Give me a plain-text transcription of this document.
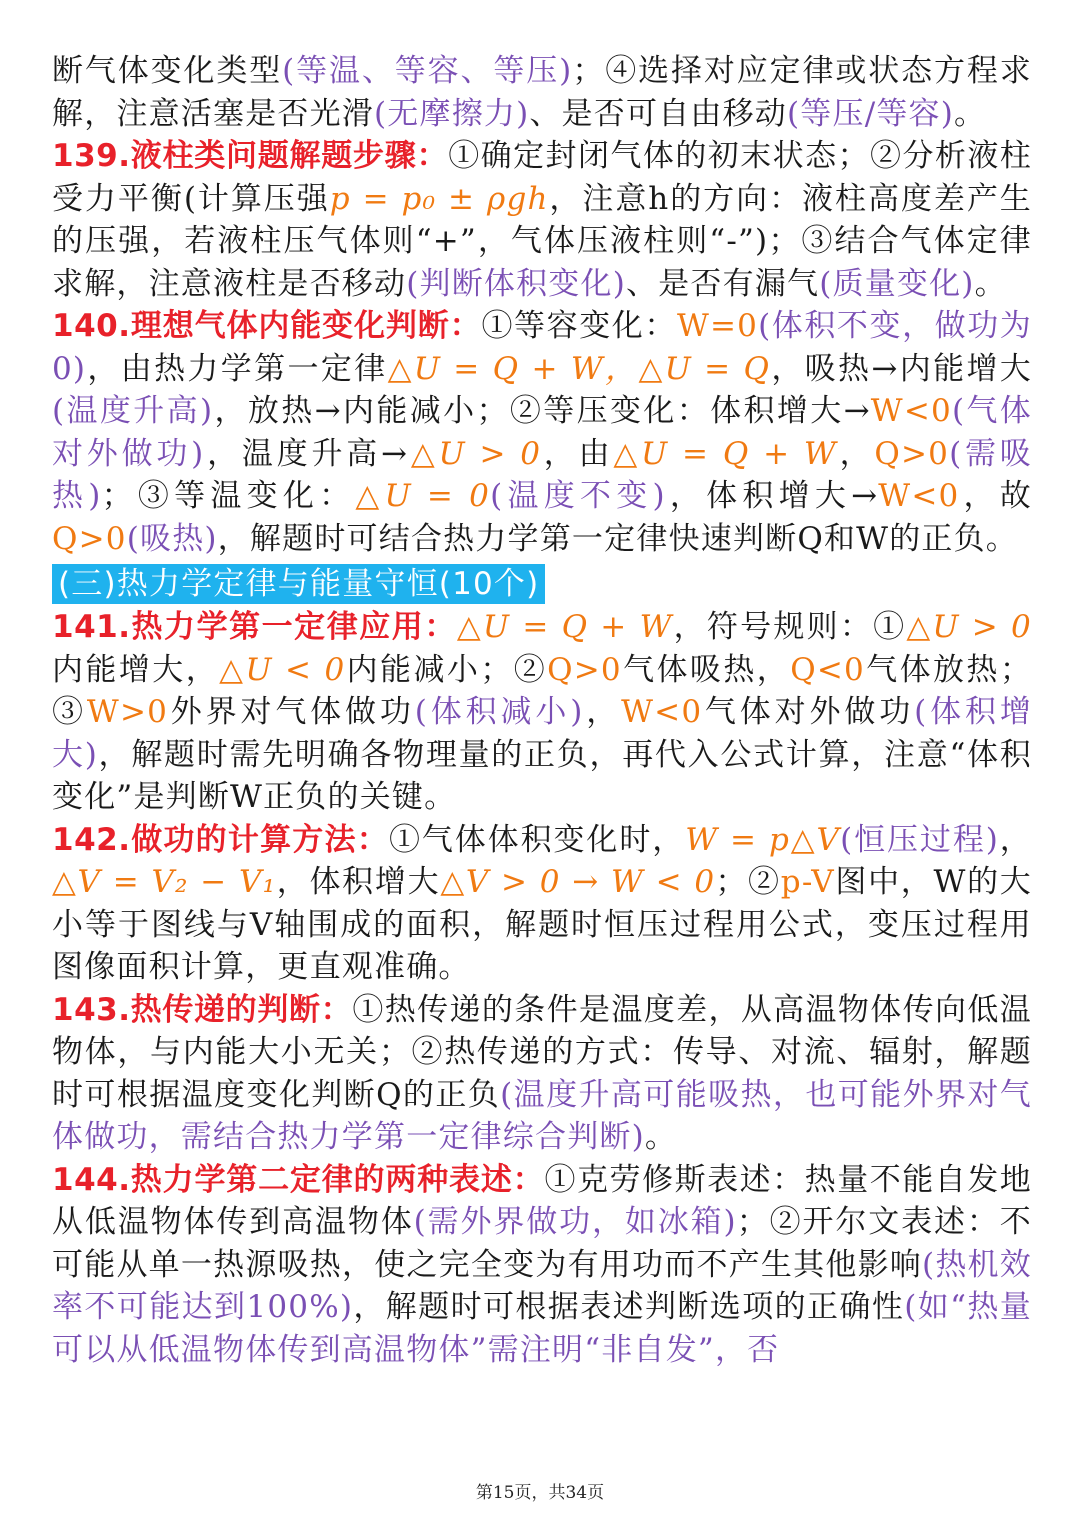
断气体变化类型(等温、等容、等压)；④选择对应定律或状态方程求解，注意活塞是否光滑(无摩擦力)、是否可自由移动(等压/等容)。

139.液柱类问题解题步骤：①确定封闭气体的初末状态；②分析液柱受力平衡(计算压强p = p₀ ± ρgh，注意h的方向：液柱高度差产生的压强，若液柱压气体则“+”，气体压液柱则“-”)；③结合气体定律求解，注意液柱是否移动(判断体积变化)、是否有漏气(质量变化)。

140.理想气体内能变化判断：①等容变化：W=0(体积不变，做功为0)，由热力学第一定律△U = Q + W，△U = Q，吸热→内能增大(温度升高)，放热→内能减小；②等压变化：体积增大→W<0(气体对外做功)，温度升高→△U > 0，由△U = Q + W，Q>0(需吸热)；③等温变化：△U = 0(温度不变)，体积增大→W<0，故Q>0(吸热)，解题时可结合热力学第一定律快速判断Q和W的正负。

(三)热力学定律与能量守恒(10个)

141.热力学第一定律应用：△U = Q + W，符号规则：①△U > 0内能增大，△U < 0内能减小；②Q>0气体吸热，Q<0气体放热；③W>0外界对气体做功(体积减小)，W<0气体对外做功(体积增大)，解题时需先明确各物理量的正负，再代入公式计算，注意“体积变化”是判断W正负的关键。

142.做功的计算方法：①气体体积变化时，W = p△V(恒压过程)，△V = V₂ − V₁，体积增大△V > 0 → W < 0；②p-V图中，W的大小等于图线与V轴围成的面积，解题时恒压过程用公式，变压过程用图像面积计算，更直观准确。

143.热传递的判断：①热传递的条件是温度差，从高温物体传向低温物体，与内能大小无关；②热传递的方式：传导、对流、辐射，解题时可根据温度变化判断Q的正负(温度升高可能吸热，也可能外界对气体做功，需结合热力学第一定律综合判断)。

144.热力学第二定律的两种表述：①克劳修斯表述：热量不能自发地从低温物体传到高温物体(需外界做功，如冰箱)；②开尔文表述：不可能从单一热源吸热，使之完全变为有用功而不产生其他影响(热机效率不可能达到100%)，解题时可根据表述判断选项的正确性(如“热量可以从低温物体传到高温物体”需注明“非自发”，否

第15页，共34页
